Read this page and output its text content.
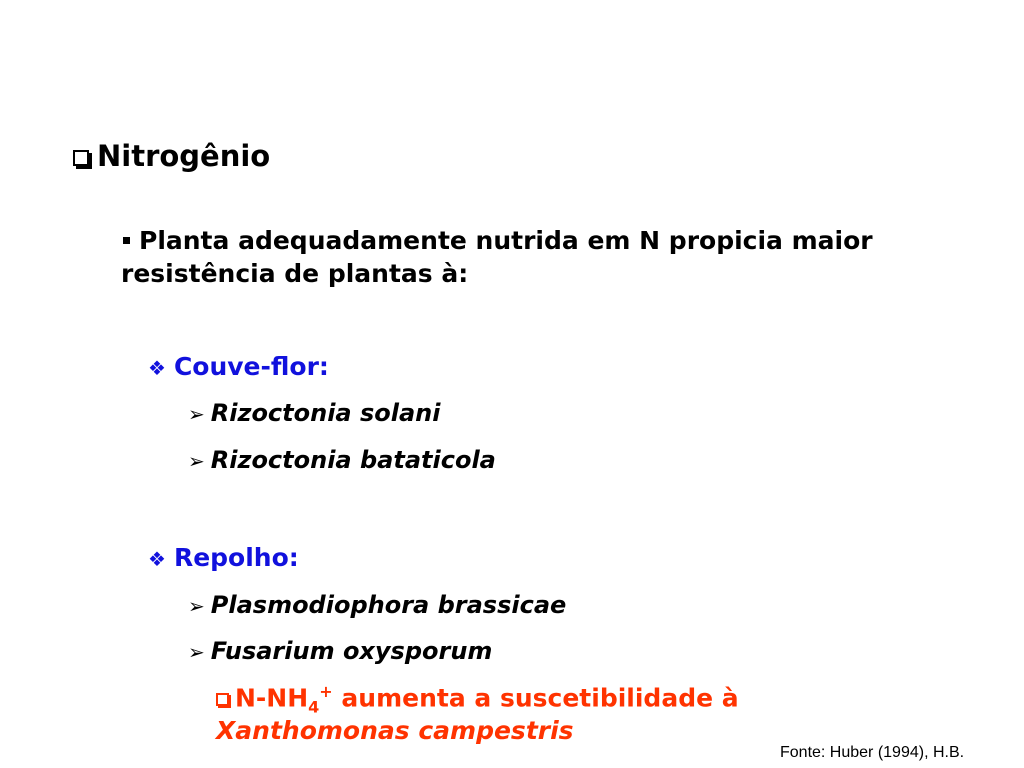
Nitrogênio
Planta adequadamente nutrida em N propicia maior
resistência de plantas à:
❖ Couve-flor:
➢ Rizoctonia solani
➢ Rizoctonia bataticola
❖ Repolho:
➢ Plasmodiophora brassicae
➢ Fusarium oxysporum
$N-NH_4^+$ aumenta a suscetibilidade à
Xanthomonas campestris
Fonte: Huber (1994), H.B.
